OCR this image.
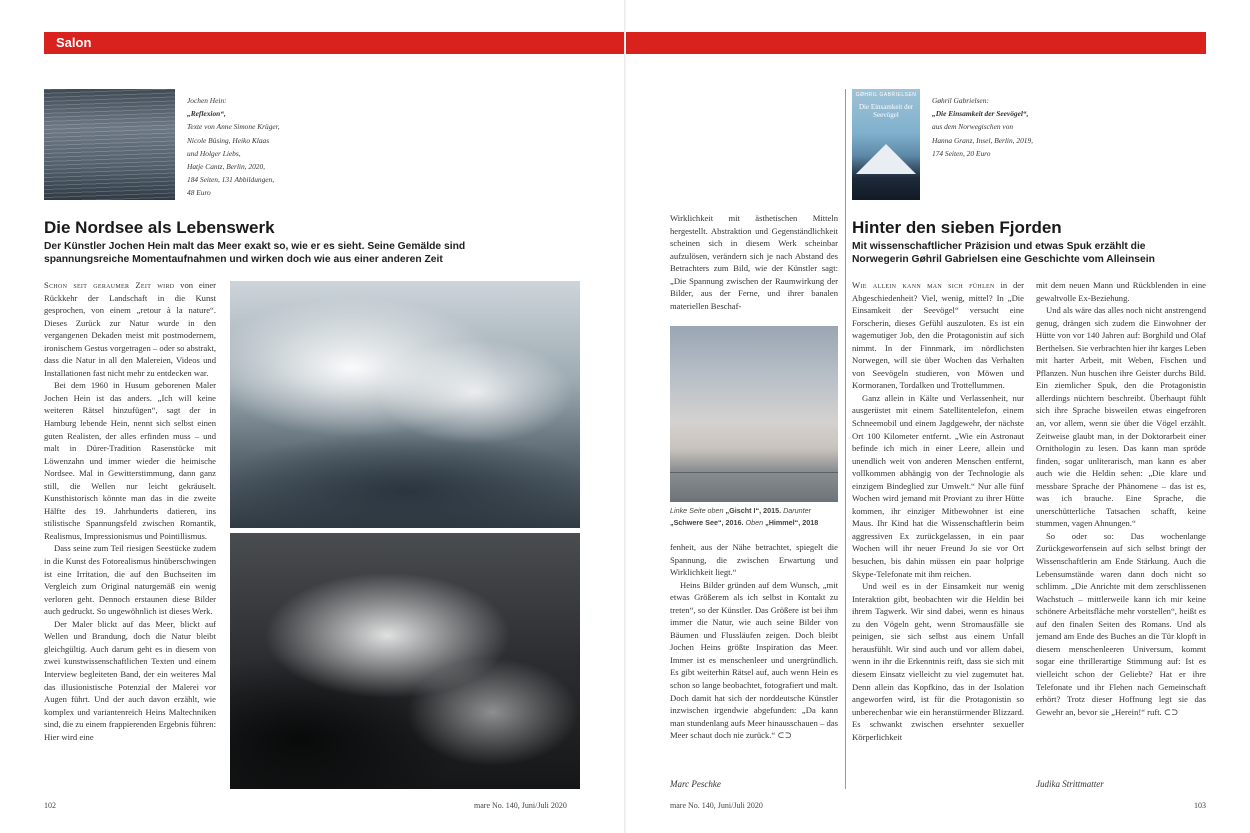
Salon
Jochen Hein:
„Reflexion“,
Texte von Anne Simone Krüger,
Nicole Büsing, Heiko Klaas
und Holger Liebs,
Hatje Cantz, Berlin, 2020,
184 Seiten, 131 Abbildungen,
48 Euro
Die Nordsee als Lebenswerk
Der Künstler Jochen Hein malt das Meer exakt so, wie er es sieht. Seine Gemälde sind spannungsreiche Momentaufnahmen und wirken doch wie aus einer anderen Zeit

Schon seit geraumer Zeit wird von einer Rückkehr der Landschaft in die Kunst gesprochen, von einem „retour à la nature“. Dieses Zurück zur Natur wurde in den vergangenen Dekaden meist mit postmodernem, ironischem Gestus vorgetragen – oder so abstrakt, dass die Natur in all den Malereien, Videos und Installationen fast nicht mehr zu entdecken war.

Bei dem 1960 in Husum geborenen Maler Jochen Hein ist das anders. „Ich will keine weiteren Rätsel hinzufügen“, sagt der in Hamburg lebende Hein, nennt sich selbst einen guten Realisten, der alles erfinden muss – und malt in Dürer-Tradition Rasenstücke mit Löwenzahn und immer wieder die heimische Nordsee. Mal in Gewitterstimmung, dann ganz still, die Wellen nur leicht gekräuselt. Kunsthistorisch könnte man das in die zweite Hälfte des 19. Jahrhunderts datieren, ins stilistische Spannungsfeld zwischen Romantik, Realismus, Impressionismus und Pointillismus.

Dass seine zum Teil riesigen Seestücke zudem in die Kunst des Fotorealismus hinüberschwingen ist eine Irritation, die auf den Buchseiten im Vergleich zum Original naturgemäß ein wenig verloren geht. Dennoch erstaunen diese Bilder auch gedruckt. So ungewöhnlich ist dieses Werk.

Der Maler blickt auf das Meer, blickt auf Wellen und Brandung, doch die Natur bleibt gleichgültig. Auch darum geht es in diesem von zwei kunstwissenschaftlichen Texten und einem Interview begleiteten Band, der ein weiteres Mal das illusionistische Potenzial der Malerei vor Augen führt. Und der auch davon erzählt, wie komplex und variantenreich Heins Maltechniken sind, die zu einem frappierenden Ergebnis führen: Hier wird eine

Wirklichkeit mit ästhetischen Mitteln hergestellt. Abstraktion und Gegenständlichkeit scheinen sich in diesem Werk scheinbar aufzulösen, verändern sich je nach Abstand des Betrachters zum Bild, wie der Künstler sagt: „Die Spannung zwischen der Raumwirkung der Bilder, aus der Ferne, und ihrer banalen materiellen Beschaf-

Linke Seite oben „Gischt I“, 2015. Darunter „Schwere See“, 2016. Oben „Himmel“, 2018

fenheit, aus der Nähe betrachtet, spiegelt die Spannung, die zwischen Erwartung und Wirklichkeit liegt.“

Heins Bilder gründen auf dem Wunsch, „mit etwas Größerem als ich selbst in Kontakt zu treten“, so der Künstler. Das Größere ist bei ihm immer die Natur, wie auch seine Bilder von Bäumen und Flussläufen zeigen. Doch bleibt Jochen Heins größte Inspiration das Meer. Immer ist es menschenleer und unergründlich. Es gibt weiterhin Rätsel auf, auch wenn Hein es schon so lange beobachtet, fotografiert und malt. Doch damit hat sich der norddeutsche Künstler inzwischen irgendwie abgefunden: „Da kann man stundenlang aufs Meer hinausschauen – das Meer schaut doch nie zurück.“ ⊂⊃

Marc Peschke
102	mare No. 140, Juni/Juli 2020
GØHRIL GABRIELSEN
Die Einsamkeit der Seevögel
Gøhril Gabrielsen:
„Die Einsamkeit der Seevögel“,
aus dem Norwegischen von
Hanna Granz, Insel, Berlin, 2019,
174 Seiten, 20 Euro
Hinter den sieben Fjorden
Mit wissenschaftlicher Präzision und etwas Spuk erzählt die Norwegerin Gøhril Gabrielsen eine Geschichte vom Alleinsein

Wie allein kann man sich fühlen in der Abgeschiedenheit? Viel, wenig, mittel? In „Die Einsamkeit der Seevögel“ versucht eine Forscherin, dieses Gefühl auszuloten. Es ist ein wagemutiger Job, den die Protagonistin auf sich nimmt. In der Finnmark, im nördlichsten Norwegen, will sie über Wochen das Verhalten von Seevögeln studieren, von Möwen und Kormoranen, Tordalken und Trottellummen.

Ganz allein in Kälte und Verlassenheit, nur ausgerüstet mit einem Satellitentelefon, einem Schneemobil und einem Jagdgewehr, der nächste Ort 100 Kilometer entfernt. „Wie ein Astronaut befinde ich mich in einer Leere, allein und unendlich weit von anderen Menschen entfernt, vollkommen abhängig von der Technologie als einzigem Bindeglied zur Umwelt.“ Nur alle fünf Wochen wird jemand mit Proviant zu ihrer Hütte kommen, ihr einziger Mitbewohner ist eine Maus. Ihr Kind hat die Wissenschaftlerin beim aggressiven Ex zurückgelassen, in ein paar Wochen will ihr neuer Freund Jo sie vor Ort besuchen, bis dahin müssen ein paar holprige Skype-Telefonate mit ihm reichen.

Und weil es in der Einsamkeit nur wenig Interaktion gibt, beobachten wir die Heldin bei ihrem Tagwerk. Wir sind dabei, wenn es hinaus zu den Vögeln geht, wenn Stromausfälle sie peinigen, sie sich selbst aus einem Unfall herausfühlt. Wir sind auch und vor allem dabei, wenn in ihr die Erkenntnis reift, dass sie sich mit diesem Einsatz vielleicht zu viel zugemutet hat. Denn allein das Kopfkino, das in der Isolation angeworfen wird, ist für die Protagonistin so unberechenbar wie ein heranstürmender Blizzard. Es schwankt zwischen ersehnter sexueller Körperlichkeit

mit dem neuen Mann und Rückblenden in eine gewaltvolle Ex-Beziehung.

Und als wäre das alles noch nicht anstrengend genug, drängen sich zudem die Einwohner der Hütte von vor 140 Jahren auf: Borghild und Olaf Berthelsen. Sie verbrachten hier ihr karges Leben mit harter Arbeit, mit Weben, Fischen und Pflanzen. Nun huschen ihre Geister durchs Bild. Ein ziemlicher Spuk, den die Protagonistin allerdings nüchtern beschreibt. Überhaupt fühlt sich ihre Sprache bisweilen etwas eingefroren an, vor allem, wenn sie über die Vögel erzählt. Zeitweise glaubt man, in der Doktorarbeit einer Ornithologin zu lesen. Das kann man spröde finden, sogar unliterarisch, man kann es aber auch wie die Heldin sehen: „Die klare und messbare Sprache der Phänomene – das ist es, was ich brauche. Eine Sprache, die unerschütterliche Tatsachen schafft, keine stummen, vagen Ahnungen.“

So oder so: Das wochenlange Zurückgeworfensein auf sich selbst bringt der Wissenschaftlerin am Ende Stärkung. Auch die Lebensumstände waren dann doch nicht so schlimm. „Die Anrichte mit dem zerschlissenen Wachstuch – mittlerweile kann ich mir keine schönere Arbeitsfläche mehr vorstellen“, heißt es auf den finalen Seiten des Romans. Und als jemand am Ende des Buches an die Tür klopft in diesem menschenleeren Universum, kommt sogar eine thrillerartige Stimmung auf: Ist es vielleicht schon der Geliebte? Hat er ihre Telefonate und ihr Flehen nach Gemeinschaft erhört? Trotz dieser Hoffnung legt sie das Gewehr an, bevor sie „Herein!“ ruft. ⊂⊃

Judika Strittmatter
mare No. 140, Juni/Juli 2020	103
